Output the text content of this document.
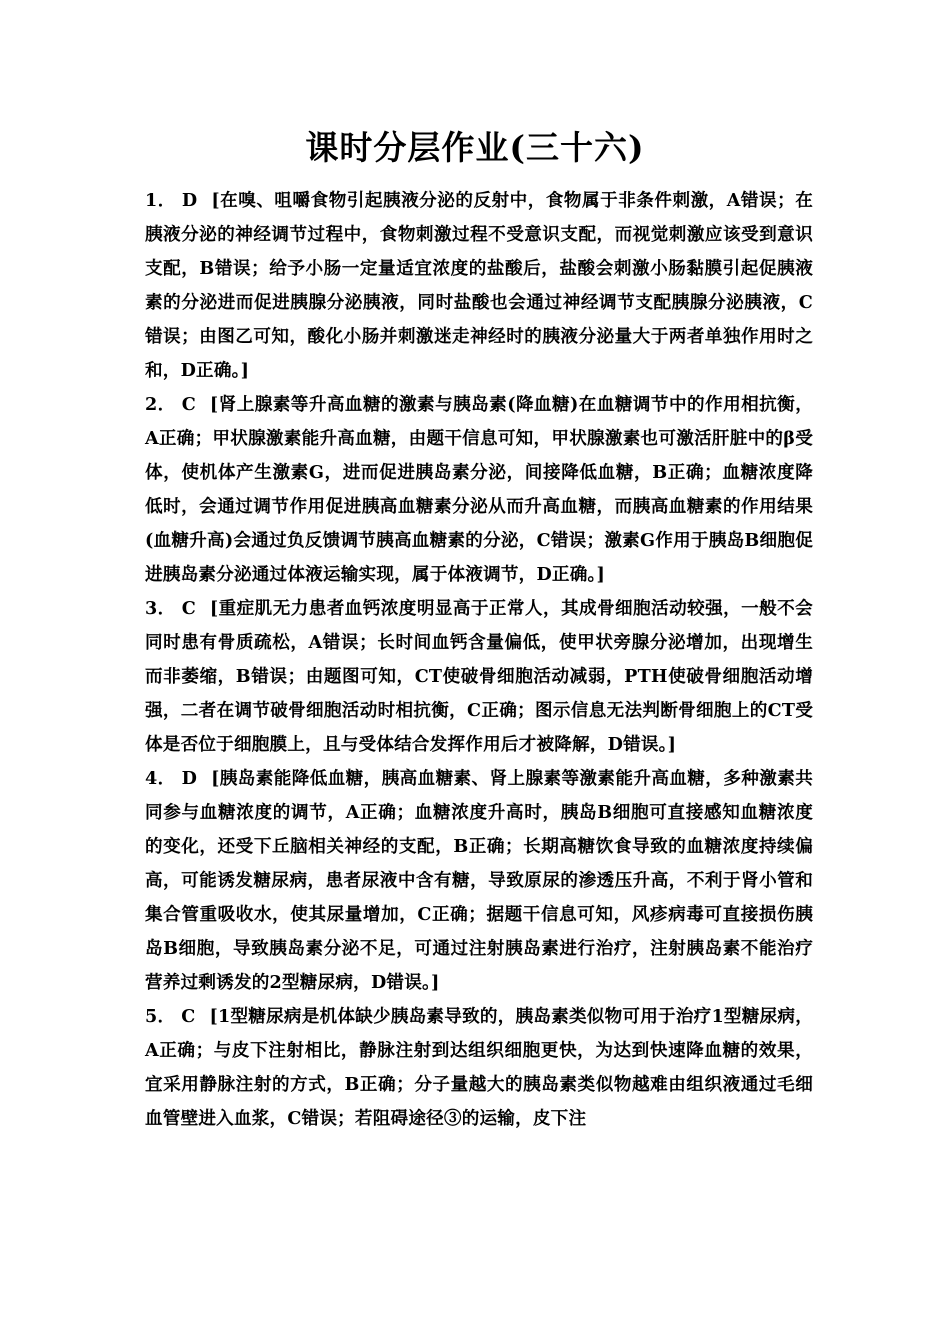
课时分层作业(三十六)

1． D [在嗅、咀嚼食物引起胰液分泌的反射中，食物属于非条件刺激，A错误；在胰液分泌的神经调节过程中，食物刺激过程不受意识支配，而视觉刺激应该受到意识支配，B错误；给予小肠一定量适宜浓度的盐酸后，盐酸会刺激小肠黏膜引起促胰液素的分泌进而促进胰腺分泌胰液，同时盐酸也会通过神经调节支配胰腺分泌胰液，C错误；由图乙可知，酸化小肠并刺激迷走神经时的胰液分泌量大于两者单独作用时之和，D正确。]

2． C [肾上腺素等升高血糖的激素与胰岛素(降血糖)在血糖调节中的作用相抗衡，A正确；甲状腺激素能升高血糖，由题干信息可知，甲状腺激素也可激活肝脏中的β受体，使机体产生激素G，进而促进胰岛素分泌，间接降低血糖，B正确；血糖浓度降低时，会通过调节作用促进胰高血糖素分泌从而升高血糖，而胰高血糖素的作用结果(血糖升高)会通过负反馈调节胰高血糖素的分泌，C错误；激素G作用于胰岛B细胞促进胰岛素分泌通过体液运输实现，属于体液调节，D正确。]

3． C [重症肌无力患者血钙浓度明显高于正常人，其成骨细胞活动较强，一般不会同时患有骨质疏松，A错误；长时间血钙含量偏低，使甲状旁腺分泌增加，出现增生而非萎缩，B错误；由题图可知，CT使破骨细胞活动减弱，PTH使破骨细胞活动增强，二者在调节破骨细胞活动时相抗衡，C正确；图示信息无法判断骨细胞上的CT受体是否位于细胞膜上，且与受体结合发挥作用后才被降解，D错误。]

4． D [胰岛素能降低血糖，胰高血糖素、肾上腺素等激素能升高血糖，多种激素共同参与血糖浓度的调节，A正确；血糖浓度升高时，胰岛B细胞可直接感知血糖浓度的变化，还受下丘脑相关神经的支配，B正确；长期高糖饮食导致的血糖浓度持续偏高，可能诱发糖尿病，患者尿液中含有糖，导致原尿的渗透压升高，不利于肾小管和集合管重吸收水，使其尿量增加，C正确；据题干信息可知，风疹病毒可直接损伤胰岛B细胞，导致胰岛素分泌不足，可通过注射胰岛素进行治疗，注射胰岛素不能治疗营养过剩诱发的2型糖尿病，D错误。]

5． C [1型糖尿病是机体缺少胰岛素导致的，胰岛素类似物可用于治疗1型糖尿病，A正确；与皮下注射相比，静脉注射到达组织细胞更快，为达到快速降血糖的效果，宜采用静脉注射的方式，B正确；分子量越大的胰岛素类似物越难由组织液通过毛细血管壁进入血浆，C错误；若阻碍途径③的运输，皮下注
